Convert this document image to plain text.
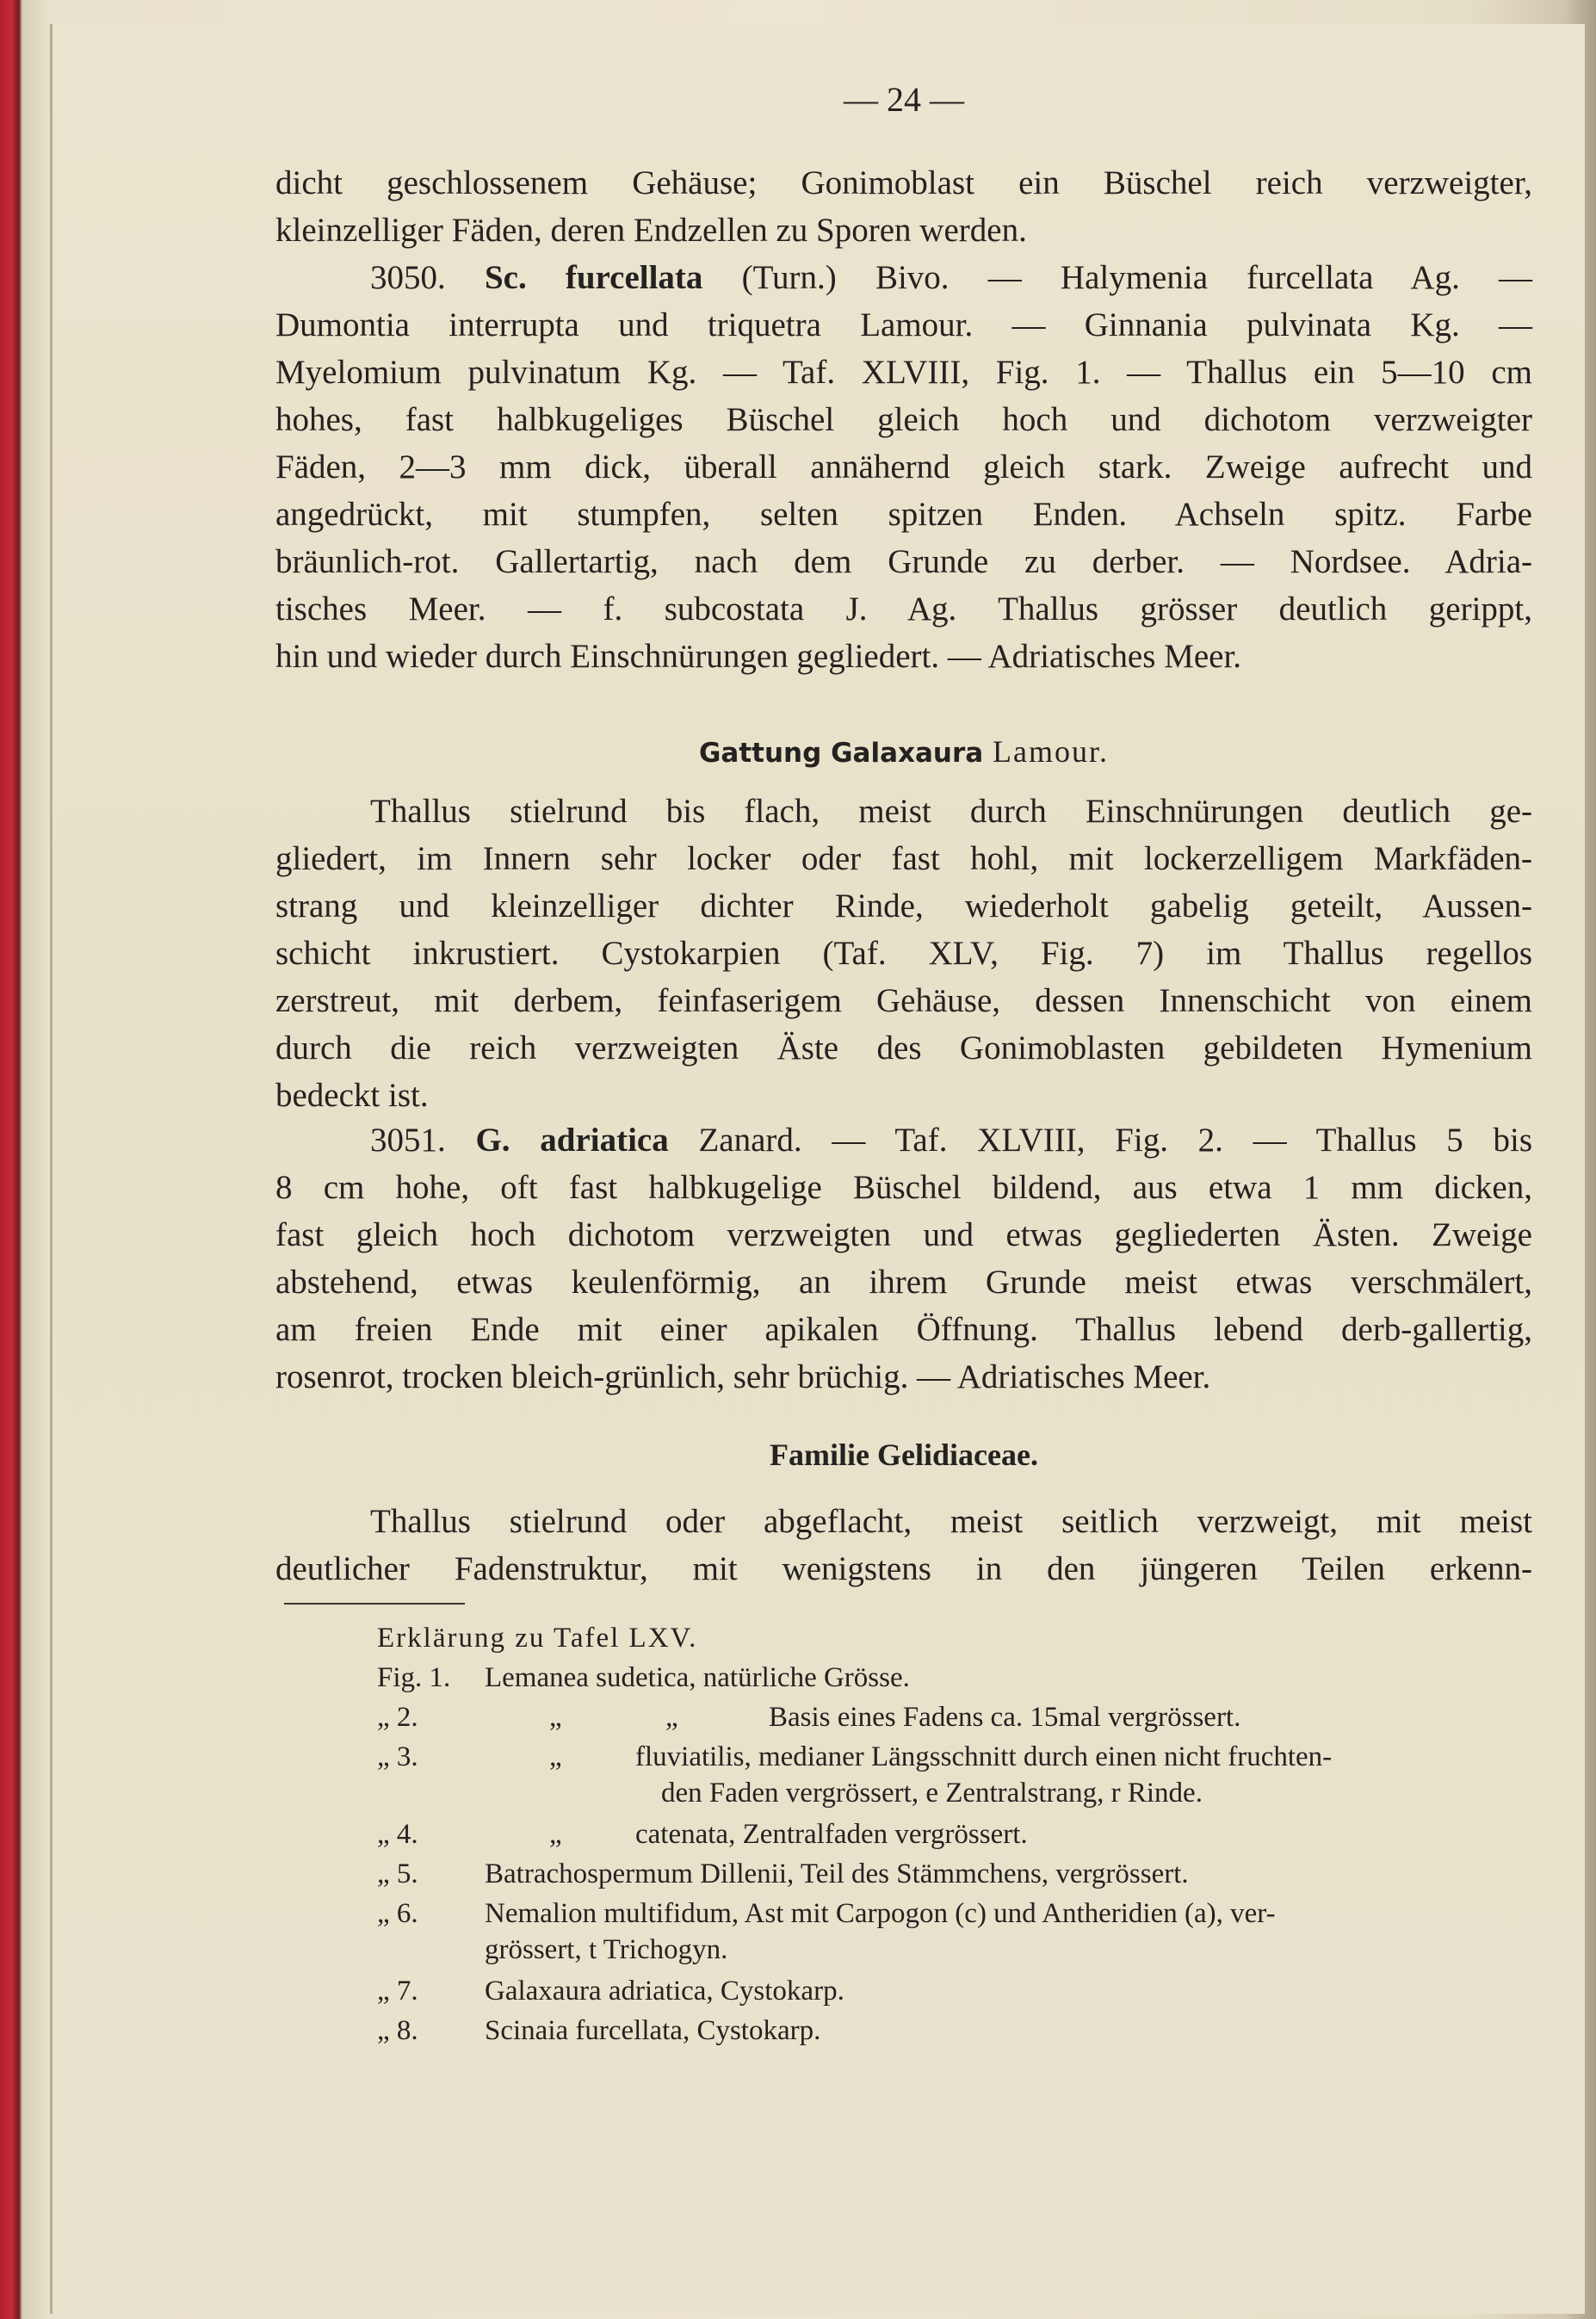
— 24 —
dicht geschlossenem Gehäuse; Gonimoblast ein Büschel reich verzweigter,
kleinzelliger Fäden, deren Endzellen zu Sporen werden.
3050. Sc. furcellata (Turn.) Bivo. — Halymenia furcellata Ag. —
Dumontia interrupta und triquetra Lamour. — Ginnania pulvinata Kg. —
Myelomium pulvinatum Kg. — Taf. XLVIII, Fig. 1. — Thallus ein 5—10 cm
hohes, fast halbkugeliges Büschel gleich hoch und dichotom verzweigter
Fäden, 2—3 mm dick, überall annähernd gleich stark. Zweige aufrecht und
angedrückt, mit stumpfen, selten spitzen Enden. Achseln spitz. Farbe
bräunlich-rot. Gallertartig, nach dem Grunde zu derber. — Nordsee. Adria-
tisches Meer. — f. subcostata J. Ag. Thallus grösser deutlich gerippt,
hin und wieder durch Einschnürungen gegliedert. — Adriatisches Meer.
Gattung Galaxaura Lamour.
Thallus stielrund bis flach, meist durch Einschnürungen deutlich ge-
gliedert, im Innern sehr locker oder fast hohl, mit lockerzelligem Markfäden-
strang und kleinzelliger dichter Rinde, wiederholt gabelig geteilt, Aussen-
schicht inkrustiert. Cystokarpien (Taf. XLV, Fig. 7) im Thallus regellos
zerstreut, mit derbem, feinfaserigem Gehäuse, dessen Innenschicht von einem
durch die reich verzweigten Äste des Gonimoblasten gebildeten Hymenium
bedeckt ist.
3051. G. adriatica Zanard. — Taf. XLVIII, Fig. 2. — Thallus 5 bis
8 cm hohe, oft fast halbkugelige Büschel bildend, aus etwa 1 mm dicken,
fast gleich hoch dichotom verzweigten und etwas gegliederten Ästen. Zweige
abstehend, etwas keulenförmig, an ihrem Grunde meist etwas verschmälert,
am freien Ende mit einer apikalen Öffnung. Thallus lebend derb-gallertig,
rosenrot, trocken bleich-grünlich, sehr brüchig. — Adriatisches Meer.
Familie Gelidiaceae.
Thallus stielrund oder abgeflacht, meist seitlich verzweigt, mit meist
deutlicher Fadenstruktur, mit wenigstens in den jüngeren Teilen erkenn-
Erklärung zu Tafel LXV.
Fig. 1.	Lemanea sudetica, natürliche Grösse.
„ 2.	„	„	Basis eines Fadens ca. 15mal vergrössert.
„ 3.	„	fluviatilis, medianer Längsschnitt durch einen nicht fruchten-
den Faden vergrössert, e Zentralstrang, r Rinde.
„ 4.	„	catenata, Zentralfaden vergrössert.
„ 5.	Batrachospermum Dillenii, Teil des Stämmchens, vergrössert.
„ 6.	Nemalion multifidum, Ast mit Carpogon (c) und Antheridien (a), ver-
grössert, t Trichogyn.
„ 7.	Galaxaura adriatica, Cystokarp.
„ 8.	Scinaia furcellata, Cystokarp.
